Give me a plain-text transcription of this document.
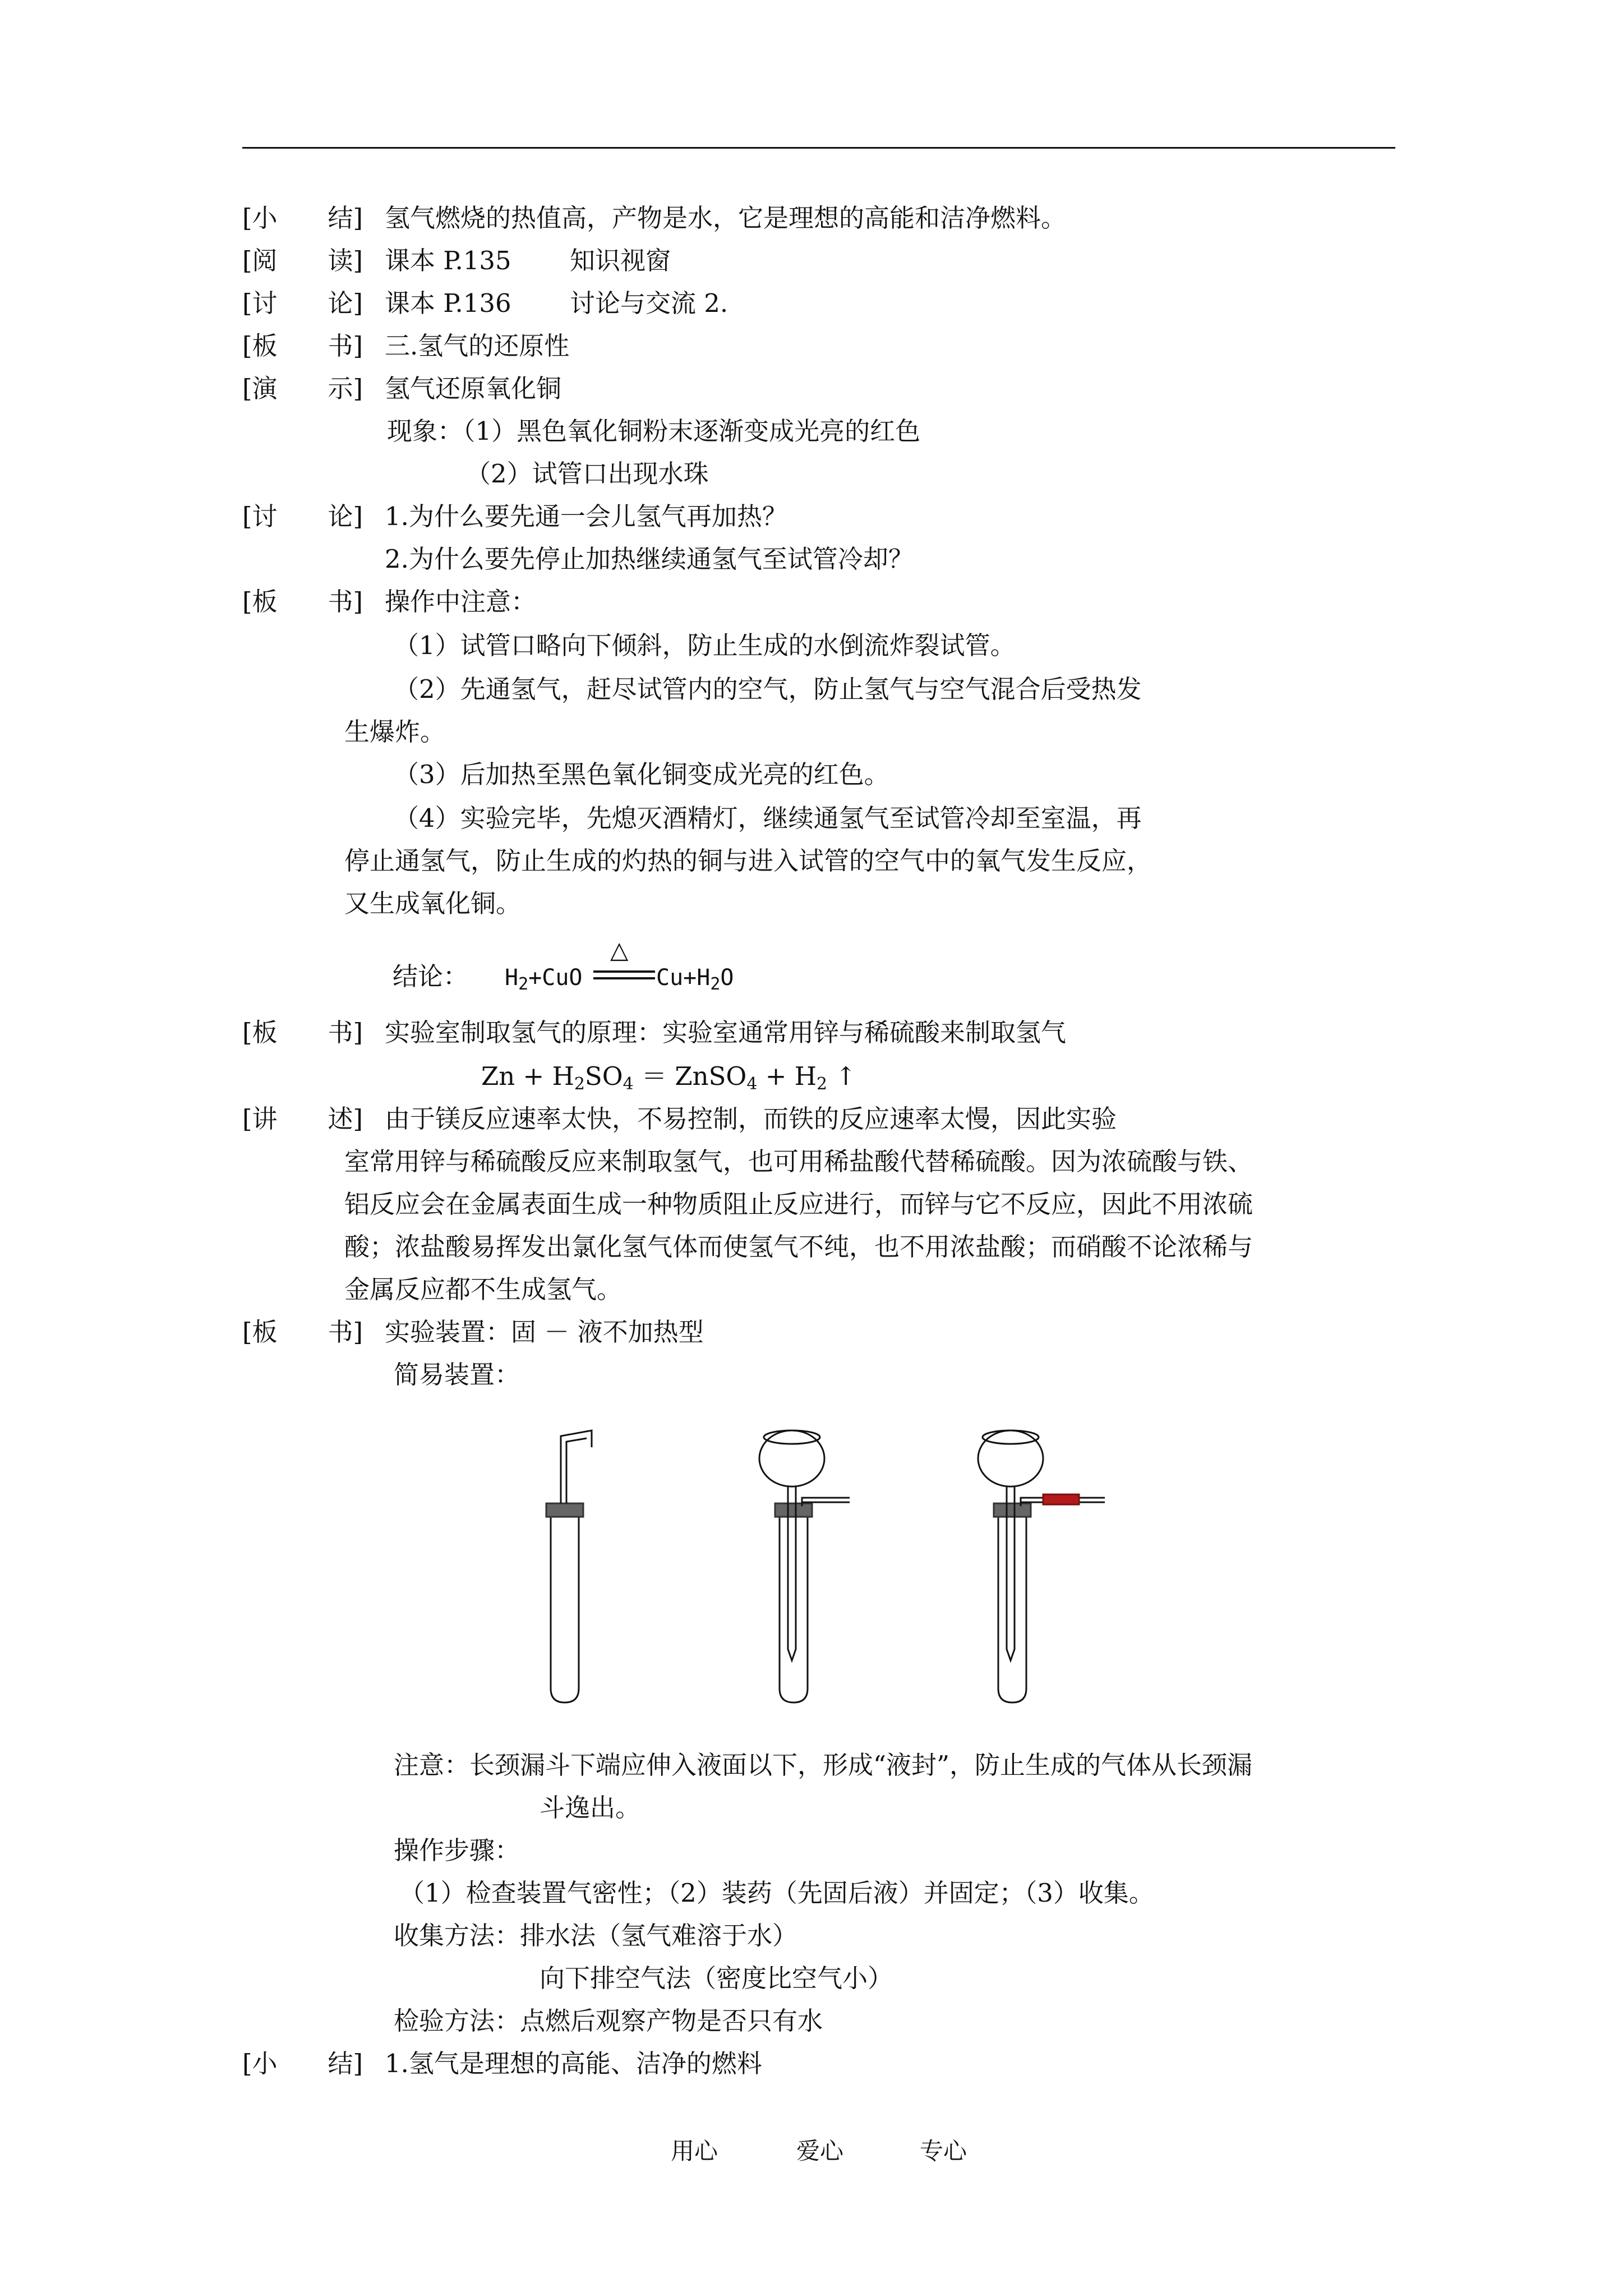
[小　　结] 氢气燃烧的热值高，产物是水，它是理想的高能和洁净燃料。
[阅　　读] 课本 P.135　　 知识视窗
[讨　　论] 课本 P.136　　 讨论与交流 2.
[板　　书] 三.氢气的还原性
[演　　示] 氢气还原氧化铜
现象：（1）黑色氧化铜粉末逐渐变成光亮的红色
（2）试管口出现水珠
[讨　　论] 1.为什么要先通一会儿氢气再加热？
2.为什么要先停止加热继续通氢气至试管冷却？
[板　　书] 操作中注意：
（1）试管口略向下倾斜，防止生成的水倒流炸裂试管。
（2）先通氢气，赶尽试管内的空气，防止氢气与空气混合后受热发
生爆炸。
（3）后加热至黑色氧化铜变成光亮的红色。
（4）实验完毕，先熄灭酒精灯，继续通氢气至试管冷却至室温，再
停止通氢气，防止生成的灼热的铜与进入试管的空气中的氧气发生反应，
又生成氧化铜。
结论：
△
$H_2+CuO$	$Cu+H_2O$
[板　　书] 实验室制取氢气的原理：实验室通常用锌与稀硫酸来制取氢气
$Zn + H_2SO_4$ ＝ ZnSO$_4$ + $H_2$ ↑
[讲　　述] 由于镁反应速率太快，不易控制，而铁的反应速率太慢，因此实验
室常用锌与稀硫酸反应来制取氢气，也可用稀盐酸代替稀硫酸。因为浓硫酸与铁、
铝反应会在金属表面生成一种物质阻止反应进行，而锌与它不反应，因此不用浓硫
酸；浓盐酸易挥发出氯化氢气体而使氢气不纯，也不用浓盐酸；而硝酸不论浓稀与
金属反应都不生成氢气。
[板　　书] 实验装置：固 － 液不加热型
简易装置：
注意：长颈漏斗下端应伸入液面以下，形成“液封”，防止生成的气体从长颈漏
斗逸出。
操作步骤：
（1）检查装置气密性；（2）装药（先固后液）并固定；（3）收集。
收集方法：排水法（氢气难溶于水）
向下排空气法（密度比空气小）
检验方法：点燃后观察产物是否只有水
[小　　结] 1.氢气是理想的高能、洁净的燃料
用心	爱心	专心
